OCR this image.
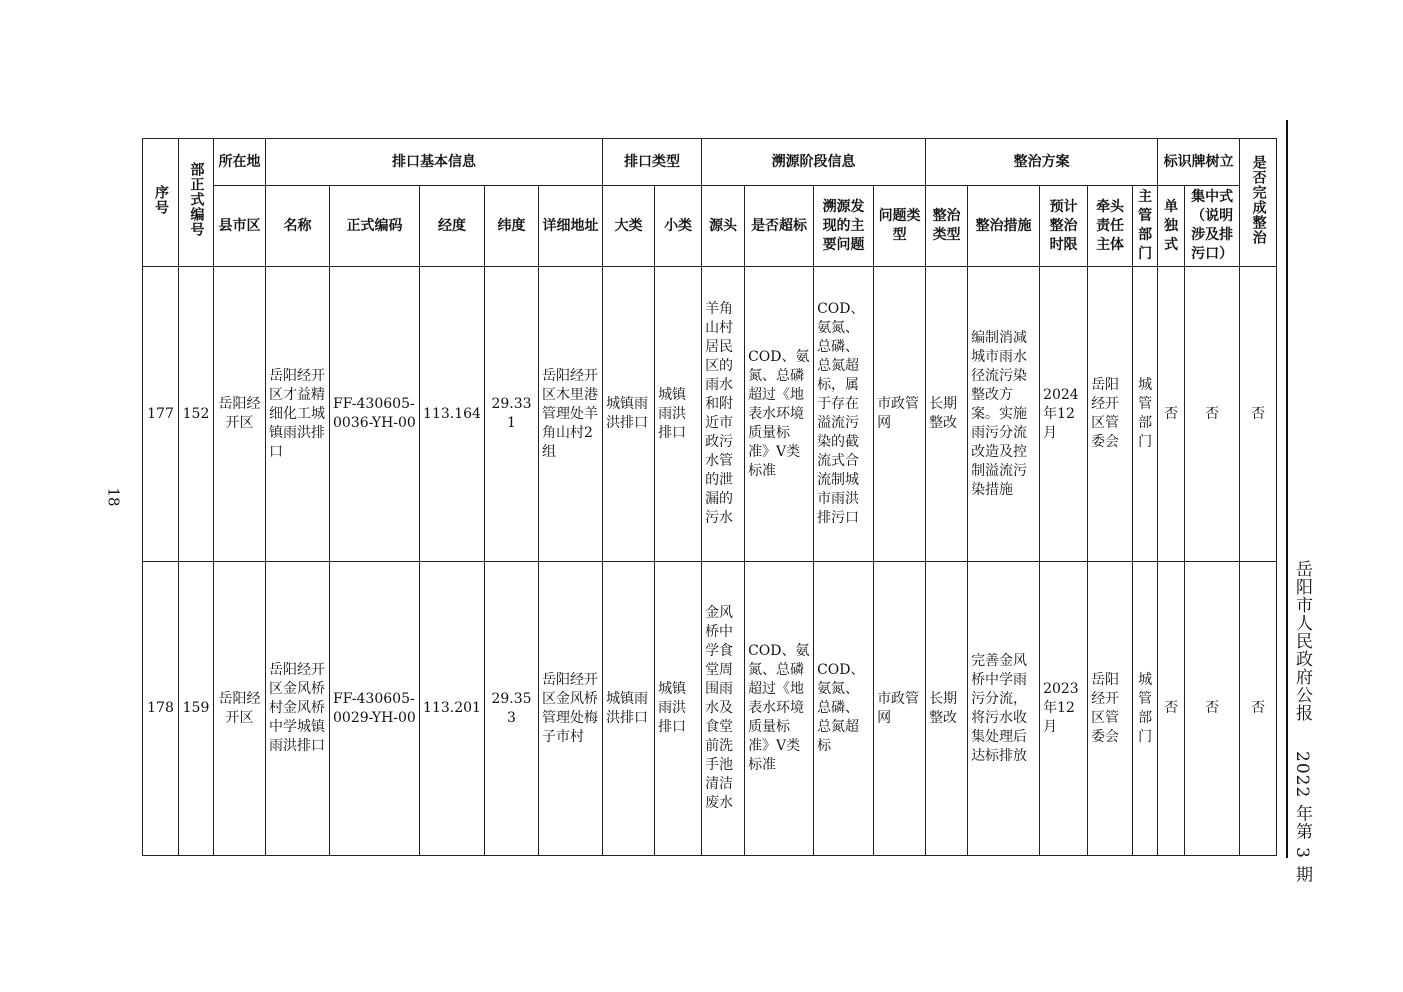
18
岳阳市人民政府公报  2022 年第 3 期
序号	部正式编号	所在地	排口基本信息					排口类型		溯源阶段信息				整治方案					标识牌树立		是否完成整治
		县市区	名称	正式编码	经度	纬度	详细地址	大类	小类	源头	是否超标	溯源发现的主要问题	问题类型	整治类型	整治措施	预计整治时限	牵头责任主体	主管部门	单独式	集中式（说明涉及排污口）	
177	152	岳阳经开区	岳阳经开区才益精细化工城镇雨洪排口	FF-430605-0036-YH-00	113.164	29.331	岳阳经开区木里港管理处羊角山村2组	城镇雨洪排口	城镇雨洪排口	羊角山村居民区的雨水和附近市政污水管的泄漏的污水	COD、氨氮、总磷超过《地表水环境质量标准》V类标准	COD、氨氮、总磷、总氮超标，属于存在溢流污染的截流式合流制城市雨洪排污口	市政管网	长期整改	编制消减城市雨水径流污染整改方案。实施雨污分流改造及控制溢流污染措施	2024年12月	岳阳经开区管委会	城管部门	否	否	否
178	159	岳阳经开区	岳阳经开区金风桥村金风桥中学城镇雨洪排口	FF-430605-0029-YH-00	113.201	29.353	岳阳经开区金风桥管理处梅子市村	城镇雨洪排口	城镇雨洪排口	金风桥中学食堂周围雨水及食堂前洗手池清洁废水	COD、氨氮、总磷超过《地表水环境质量标准》V类标准	COD、氨氮、总磷、总氮超标	市政管网	长期整改	完善金风桥中学雨污分流，将污水收集处理后达标排放	2023年12月	岳阳经开区管委会	城管部门	否	否	否
